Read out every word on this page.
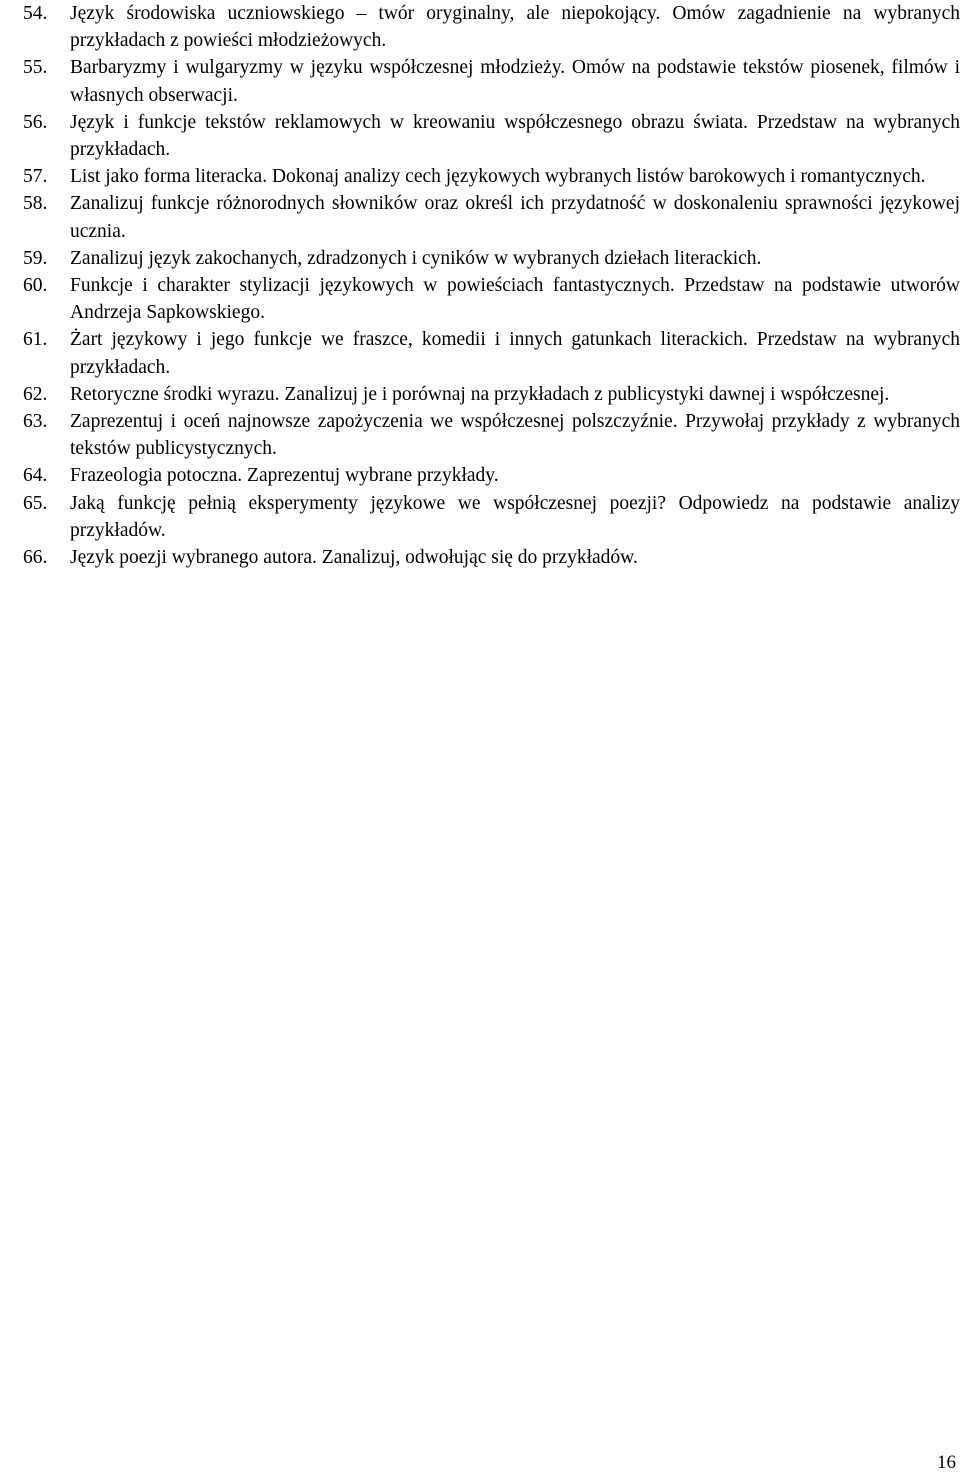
54.	Język środowiska uczniowskiego – twór oryginalny, ale niepokojący. Omów zagadnienie na wybranych przykładach z powieści młodzieżowych.
55.	Barbaryzmy i wulgaryzmy w języku współczesnej młodzieży. Omów na podstawie tekstów piosenek, filmów i własnych obserwacji.
56.	Język i funkcje tekstów reklamowych w kreowaniu współczesnego obrazu świata. Przedstaw na wybranych przykładach.
57.	List jako forma literacka. Dokonaj analizy cech językowych wybranych listów barokowych i romantycznych.
58.	Zanalizuj funkcje różnorodnych słowników oraz określ ich przydatność w doskonaleniu sprawności językowej ucznia.
59.	Zanalizuj język zakochanych, zdradzonych i cyników w wybranych dziełach literackich.
60.	Funkcje i charakter stylizacji językowych w powieściach fantastycznych. Przedstaw na podstawie utworów Andrzeja Sapkowskiego.
61.	Żart językowy i jego funkcje we fraszce, komedii i innych gatunkach literackich. Przedstaw na wybranych przykładach.
62.	Retoryczne środki wyrazu. Zanalizuj je i porównaj na przykładach z publicystyki dawnej i współczesnej.
63.	Zaprezentuj i oceń najnowsze zapożyczenia we współczesnej polszczyźnie. Przywołaj przykłady z wybranych tekstów publicystycznych.
64.	Frazeologia potoczna. Zaprezentuj wybrane przykłady.
65.	Jaką funkcję pełnią eksperymenty językowe we współczesnej poezji? Odpowiedz na podstawie analizy przykładów.
66.	Język poezji wybranego autora. Zanalizuj, odwołując się do przykładów.
16
